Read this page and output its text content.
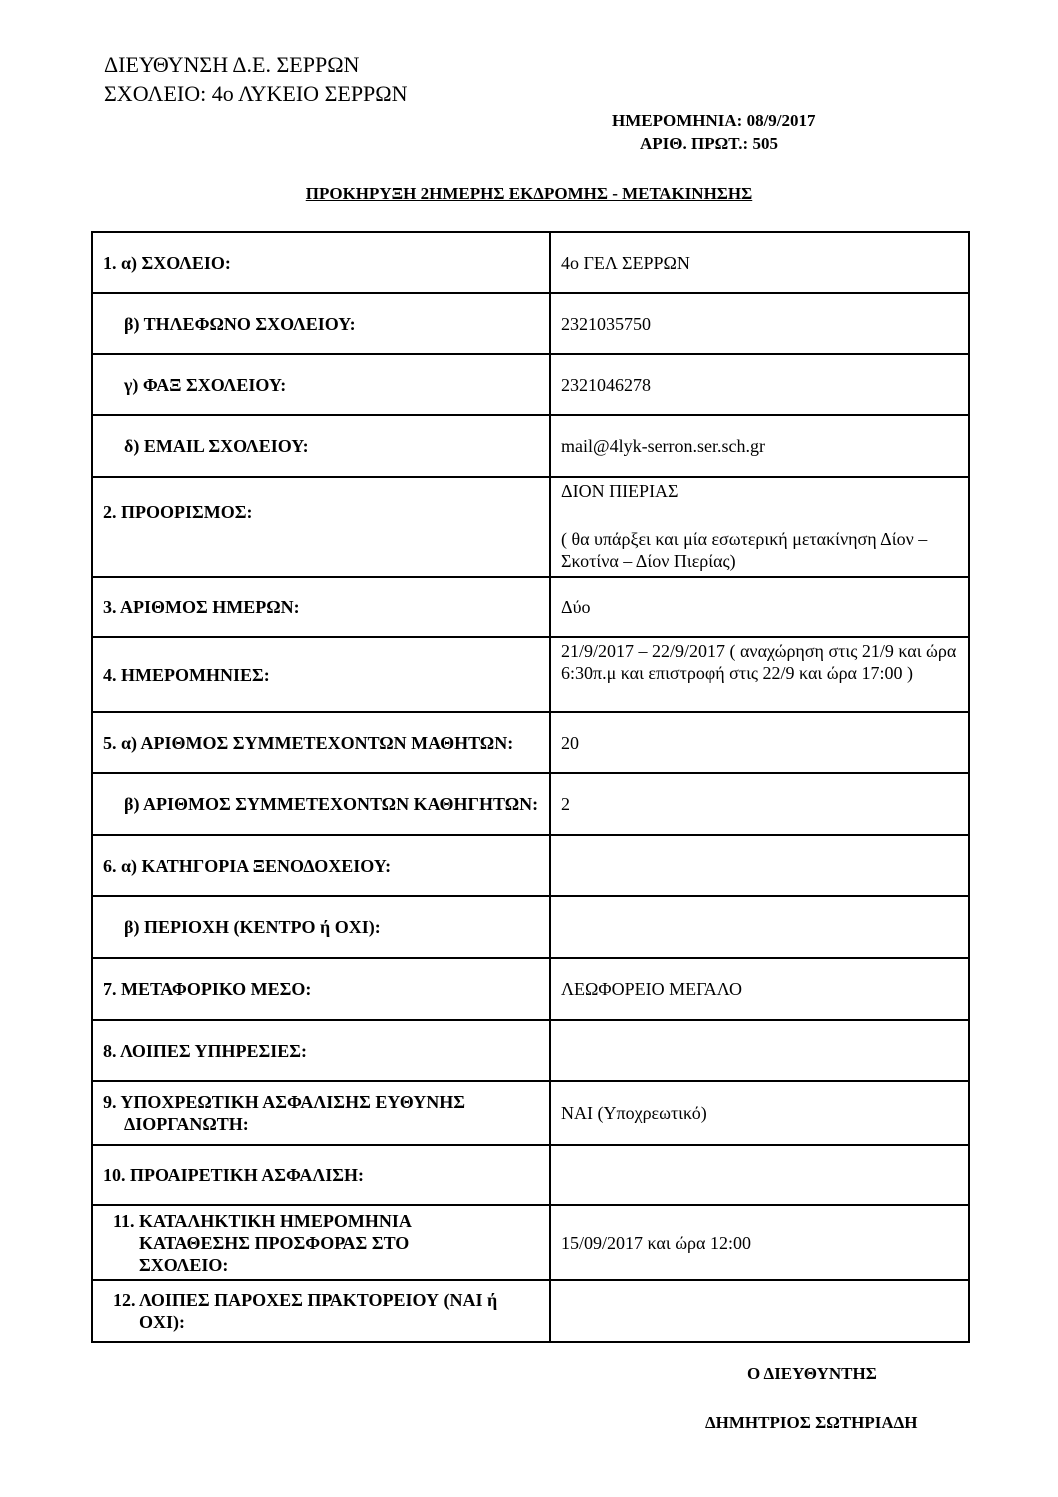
ΔΙΕΥΘΥΝΣΗ Δ.Ε. ΣΕΡΡΩΝ
ΣΧΟΛΕΙΟ: 4ο ΛΥΚΕΙΟ ΣΕΡΡΩΝ
ΗΜΕΡΟΜΗΝΙΑ: 08/9/2017
ΑΡΙΘ. ΠΡΩΤ.: 505
ΠΡΟΚΗΡΥΞΗ 2ΗΜΕΡΗΣ ΕΚΔΡΟΜΗΣ - ΜΕΤΑΚΙΝΗΣΗΣ
1. α) ΣΧΟΛΕΙΟ:	4ο ΓΕΛ ΣΕΡΡΩΝ

β) ΤΗΛΕΦΩΝΟ ΣΧΟΛΕΙΟΥ:	2321035750

γ) ΦΑΞ ΣΧΟΛΕΙΟΥ:	2321046278

δ) EMAIL ΣΧΟΛΕΙΟΥ:	mail@4lyk-serron.ser.sch.gr

2. ΠΡΟΟΡΙΣΜΟΣ:	ΔΙΟΝ ΠΙΕΡΙΑΣ
( θα υπάρξει και μία εσωτερική μετακίνηση Δίον – Σκοτίνα – Δίον Πιερίας)

3. ΑΡΙΘΜΟΣ ΗΜΕΡΩΝ:	Δύο
4. ΗΜΕΡΟΜΗΝΙΕΣ:	21/9/2017 – 22/9/2017 ( αναχώρηση στις 21/9 και ώρα 6:30π.μ και επιστροφή στις 22/9 και ώρα 17:00 )

5. α) ΑΡΙΘΜΟΣ ΣΥΜΜΕΤΕΧΟΝΤΩΝ ΜΑΘΗΤΩΝ:	20

β) ΑΡΙΘΜΟΣ ΣΥΜΜΕΤΕΧΟΝΤΩΝ ΚΑΘΗΓΗΤΩΝ:	2
6. α) ΚΑΤΗΓΟΡΙΑ ΞΕΝΟΔΟΧΕΙΟΥ:	

β) ΠΕΡΙΟΧΗ (ΚΕΝΤΡΟ ή ΟΧΙ):	

7. ΜΕΤΑΦΟΡΙΚΟ ΜΕΣΟ:	ΛΕΩΦΟΡΕΙΟ ΜΕΓΑΛΟ
8. ΛΟΙΠΕΣ ΥΠΗΡΕΣΙΕΣ:	

9. ΥΠΟΧΡΕΩΤΙΚΗ ΑΣΦΑΛΙΣΗΣ ΕΥΘΥΝΗΣ ΔΙΟΡΓΑΝΩΤΗ:	ΝΑΙ (Υποχρεωτικό)
10. ΠΡΟΑΙΡΕΤΙΚΗ ΑΣΦΑΛΙΣΗ:	

11. ΚΑΤΑΛΗΚΤΙΚΗ ΗΜΕΡΟΜΗΝΙΑ ΚΑΤΑΘΕΣΗΣ ΠΡΟΣΦΟΡΑΣ ΣΤΟ ΣΧΟΛΕΙΟ:	15/09/2017 και ώρα 12:00

12. ΛΟΙΠΕΣ ΠΑΡΟΧΕΣ ΠΡΑΚΤΟΡΕΙΟΥ (ΝΑΙ ή ΟΧΙ):	

Ο ΔΙΕΥΘΥΝΤΗΣ
ΔΗΜΗΤΡΙΟΣ ΣΩΤΗΡΙΑΔΗ
